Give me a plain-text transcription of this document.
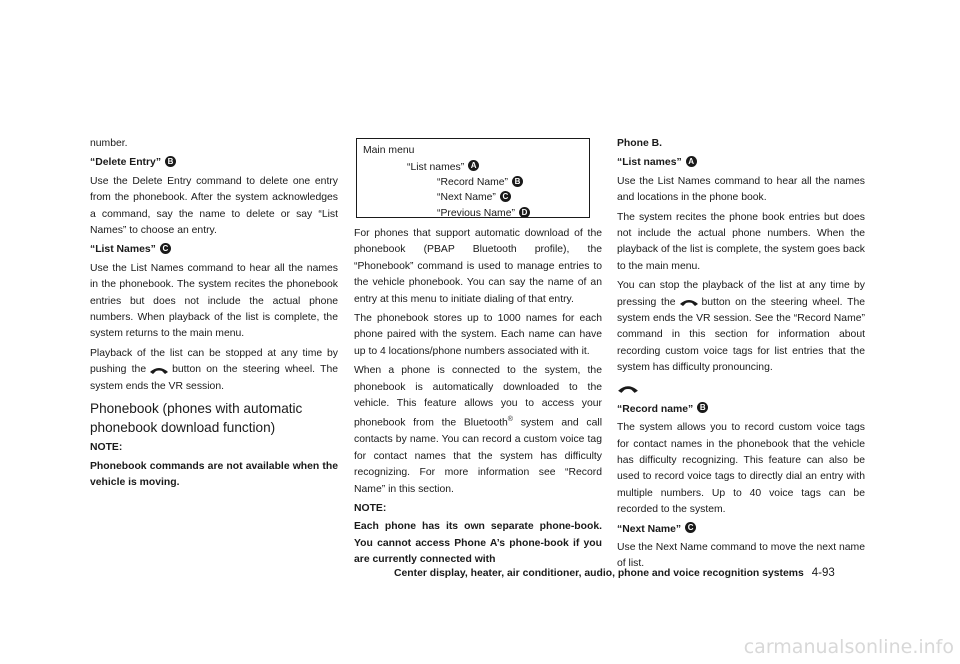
number.

“Delete Entry” B

Use the Delete Entry command to delete one entry from the phonebook. After the system acknowledges a command, say the name to delete or say “List Names” to choose an entry.

“List Names” C

Use the List Names command to hear all the names in the phonebook. The system recites the phonebook entries but does not include the actual phone numbers. When playback of the list is complete, the system returns to the main menu.

Playback of the list can be stopped at any time by pushing the	button on the steering wheel. The system ends the VR session.

Phonebook (phones with automatic phonebook download function)
NOTE:

Phonebook commands are not available when the vehicle is moving.

Main menu
“List names” A
“Record Name” B
“Next Name” C
“Previous Name” D

For phones that support automatic download of the phonebook (PBAP Bluetooth profile), the “Phonebook” command is used to manage entries to the vehicle phonebook. You can say the name of an entry at this menu to initiate dialing of that entry.

The phonebook stores up to 1000 names for each phone paired with the system. Each name can have up to 4 locations/phone numbers associated with it.

When a phone is connected to the system, the phonebook is automatically downloaded to the vehicle. This feature allows you to access your phonebook from the Bluetooth® system and call contacts by name. You can record a custom voice tag for contact names that the system has difficulty recognizing. For more information see “Record Name” in this section.

NOTE:

Each phone has its own separate phone-book. You cannot access Phone A’s phone-book if you are currently connected with

Phone B.

“List names” A

Use the List Names command to hear all the names and locations in the phone book.

The system recites the phone book entries but does not include the actual phone numbers. When the playback of the list is complete, the system goes back to the main menu.

You can stop the playback of the list at any time by pressing the	button on the steering wheel. The system ends the VR session. See the “Record Name” command in this section for information about recording custom voice tags for list entries that the system has difficulty pronouncing.

“Record name” B

The system allows you to record custom voice tags for contact names in the phonebook that the vehicle has difficulty recognizing. This feature can also be used to record voice tags to directly dial an entry with multiple numbers. Up to 40 voice tags can be recorded to the system.

“Next Name” C

Use the Next Name command to move the next name of list.

Center display, heater, air conditioner, audio, phone and voice recognition systems 4-93
carmanualsonline.info
